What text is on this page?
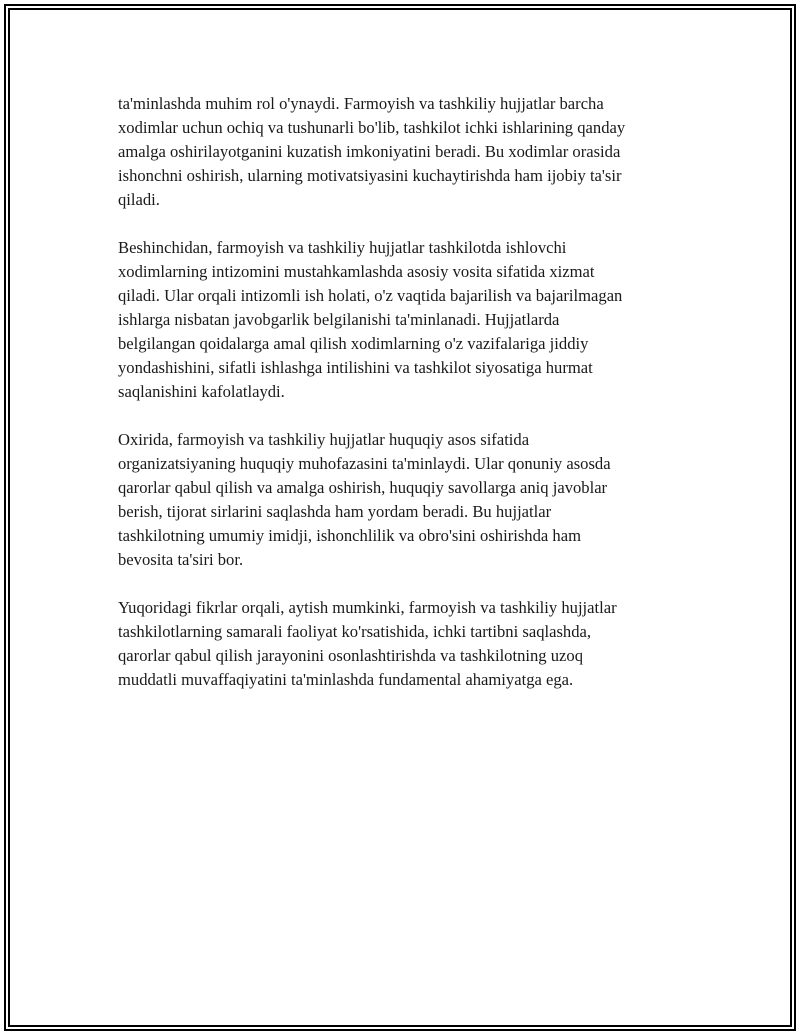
ta'minlashda muhim rol o'ynaydi. Farmoyish va tashkiliy hujjatlar barcha
xodimlar uchun ochiq va tushunarli bo'lib, tashkilot ichki ishlarining qanday
amalga oshirilayotganini kuzatish imkoniyatini beradi. Bu xodimlar orasida
ishonchni oshirish, ularning motivatsiyasini kuchaytirishda ham ijobiy ta'sir
qiladi.

Beshinchidan, farmoyish va tashkiliy hujjatlar tashkilotda ishlovchi
xodimlarning intizomini mustahkamlashda asosiy vosita sifatida xizmat
qiladi. Ular orqali intizomli ish holati, o'z vaqtida bajarilish va bajarilmagan
ishlarga nisbatan javobgarlik belgilanishi ta'minlanadi. Hujjatlarda
belgilangan qoidalarga amal qilish xodimlarning o'z vazifalariga jiddiy
yondashishini, sifatli ishlashga intilishini va tashkilot siyosatiga hurmat
saqlanishini kafolatlaydi.

Oxirida, farmoyish va tashkiliy hujjatlar huquqiy asos sifatida
organizatsiyaning huquqiy muhofazasini ta'minlaydi. Ular qonuniy asosda
qarorlar qabul qilish va amalga oshirish, huquqiy savollarga aniq javoblar
berish, tijorat sirlarini saqlashda ham yordam beradi. Bu hujjatlar
tashkilotning umumiy imidji, ishonchlilik va obro'sini oshirishda ham
bevosita ta'siri bor.

Yuqoridagi fikrlar orqali, aytish mumkinki, farmoyish va tashkiliy hujjatlar
tashkilotlarning samarali faoliyat ko'rsatishida, ichki tartibni saqlashda,
qarorlar qabul qilish jarayonini osonlashtirishda va tashkilotning uzoq
muddatli muvaffaqiyatini ta'minlashda fundamental ahamiyatga ega.
